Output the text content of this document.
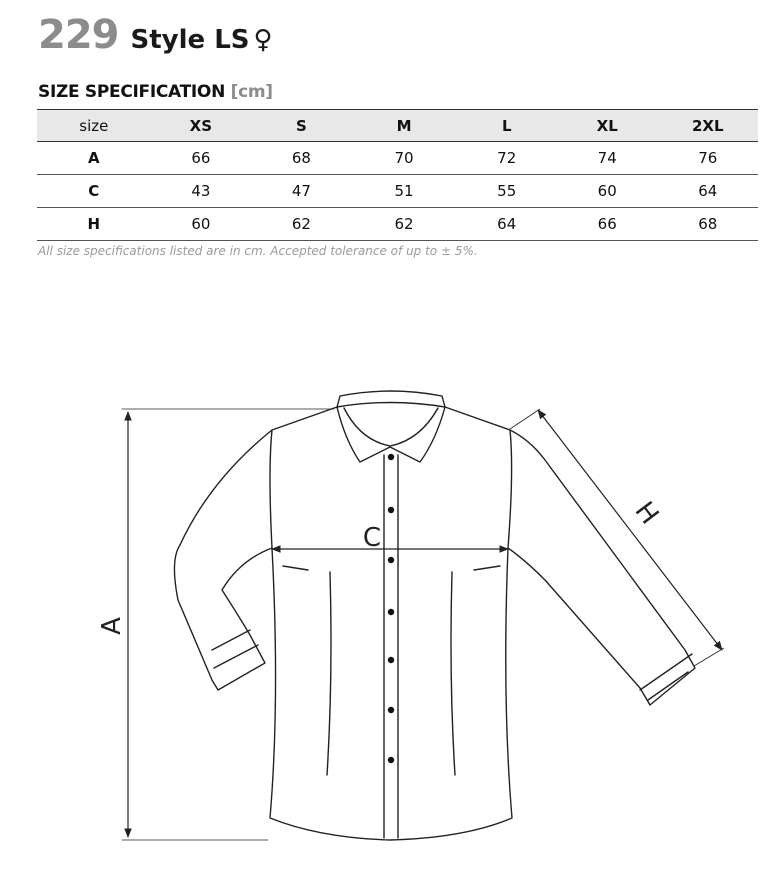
229 Style LS ♀
SIZE SPECIFICATION [cm]
size	XS	S	M	L	XL	2XL
A	66	68	70	72	74	76
C	43	47	51	55	60	64
H	60	62	62	64	66	68
All size specifications listed are in cm. Accepted tolerance of up to ± 5%.
A
C
H
